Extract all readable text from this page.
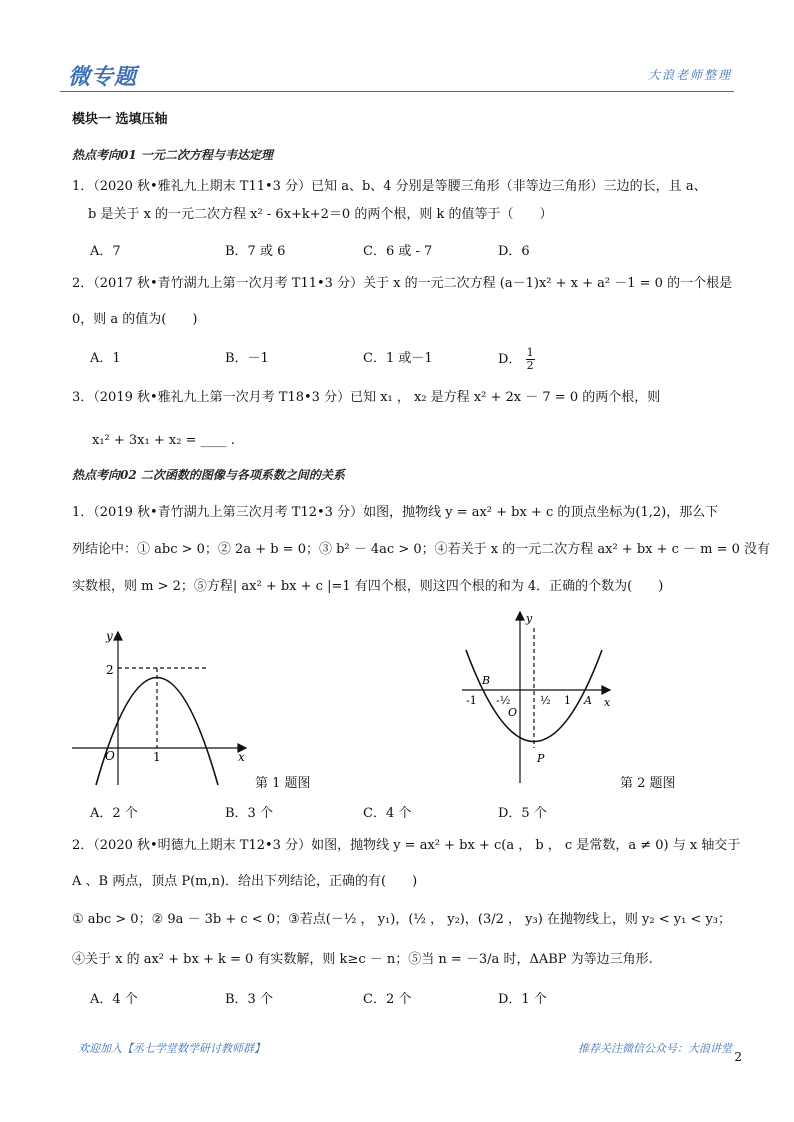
微专题	大浪老师整理
模块一 选填压轴
热点考向01 一元二次方程与韦达定理
1．（2020 秋•雅礼九上期末 T11•3 分）已知 a、b、4 分别是等腰三角形（非等边三角形）三边的长，且 a、
b 是关于 x 的一元二次方程 x² - 6x+k+2＝0 的两个根，则 k 的值等于（　　）
A．7	B．7 或 6	C．6 或 - 7	D．6
2．（2017 秋•青竹湖九上第一次月考 T11•3 分）关于 x 的一元二次方程 (a－1)x² + x + a² －1 = 0 的一个根是
0，则 a 的值为(　　)
A．1	B．－1	C．1 或－1	D． $\frac{1}{2}$
3．（2019 秋•雅礼九上第一次月考 T18•3 分）已知 x₁ ， x₂ 是方程 x² + 2x － 7 = 0 的两个根，则
x₁² + 3x₁ + x₂ = ____ .
热点考向02 二次函数的图像与各项系数之间的关系
1．（2019 秋•青竹湖九上第三次月考 T12•3 分）如图，抛物线 y = ax² + bx + c 的顶点坐标为(1,2)，那么下
列结论中：① abc > 0；② 2a + b = 0；③ b² － 4ac > 0；④若关于 x 的一元二次方程 ax² + bx + c － m = 0 没有
实数根，则 m > 2；⑤方程| ax² + bx + c |=1 有四个根，则这四个根的和为 4．正确的个数为(　　)
y
x
O
2
1
第 1 题图
y
x
O
B
A
P
-1 -½	½ 1
第 2 题图
A．2 个	B．3 个	C．4 个	D．5 个
2．（2020 秋•明德九上期末 T12•3 分）如图，抛物线 y = ax² + bx + c(a ， b ， c 是常数，a ≠ 0) 与 x 轴交于
A 、B 两点，顶点 P(m,n)．给出下列结论，正确的有(　　)
① abc > 0；② 9a － 3b + c < 0；③若点(－½ ， y₁)，(½ ， y₂)，(3/2 ， y₃) 在抛物线上，则 y₂ < y₁ < y₃；
④关于 x 的 ax² + bx + k = 0 有实数解，则 k≥c － n；⑤当 n = －3/a 时，ΔABP 为等边三角形.
A．4 个	B．3 个	C．2 个	D．1 个
欢迎加入【丞七学堂数学研讨教师群】	推荐关注微信公众号：大浪讲堂
2
